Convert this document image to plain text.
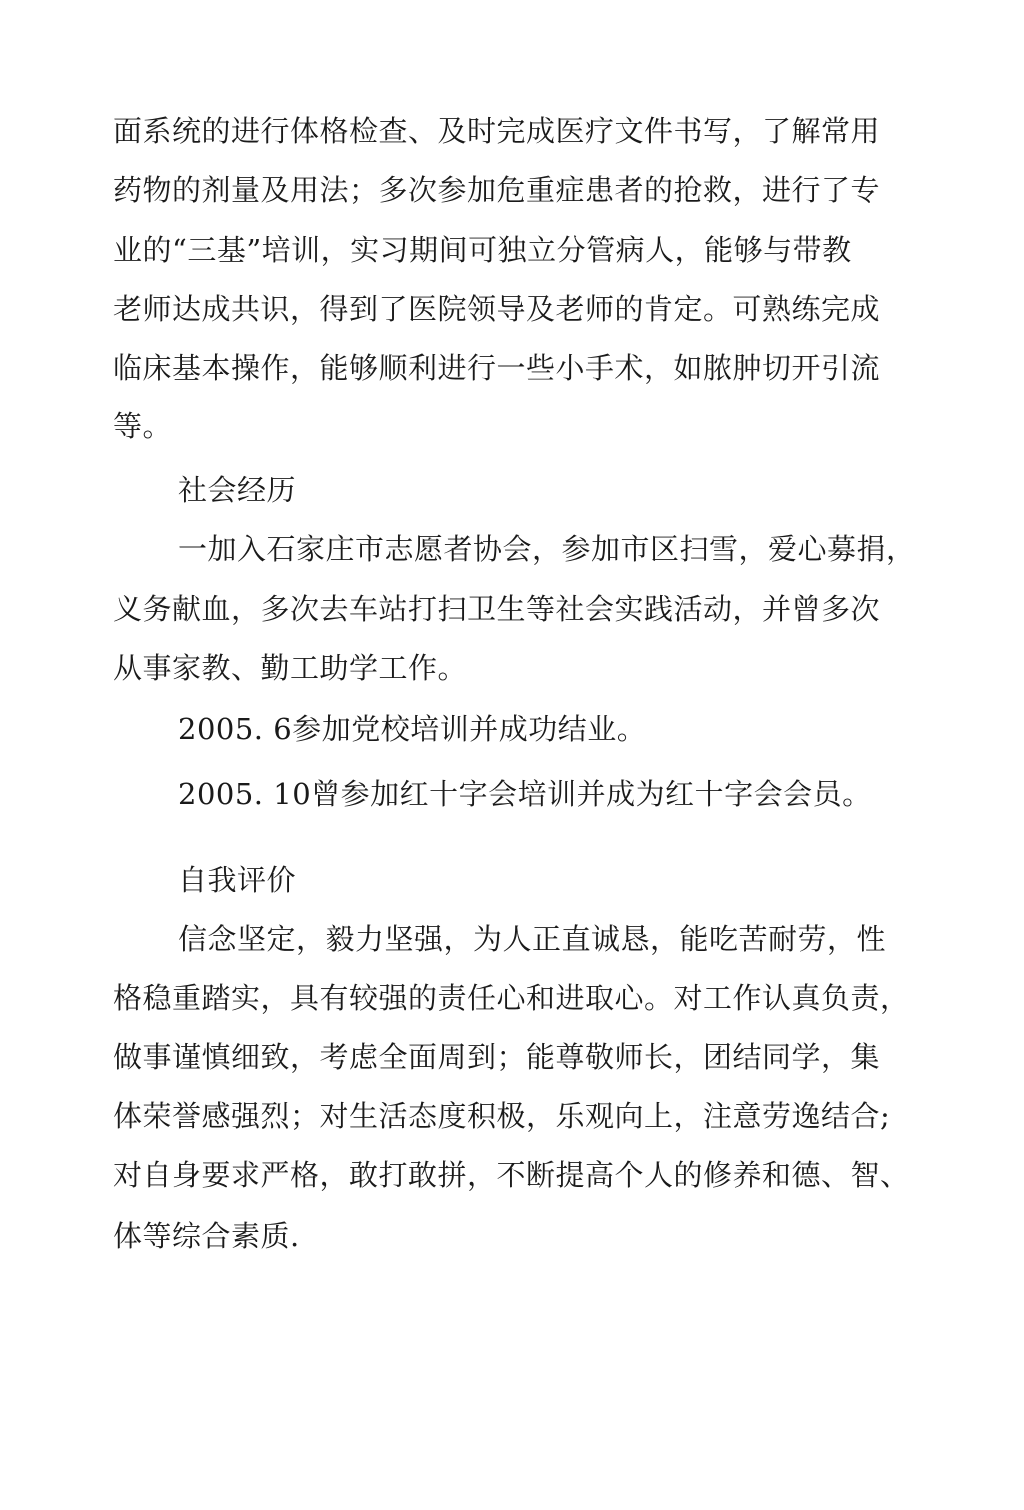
面系统的进行体格检查、及时完成医疗文件书写，了解常用
药物的剂量及用法；多次参加危重症患者的抢救，进行了专
业的“三基”培训，实习期间可独立分管病人，能够与带教
老师达成共识，得到了医院领导及老师的肯定。可熟练完成
临床基本操作，能够顺利进行一些小手术，如脓肿切开引流
等。
社会经历
一加入石家庄市志愿者协会，参加市区扫雪，爱心募捐，
义务献血，多次去车站打扫卫生等社会实践活动，并曾多次
从事家教、勤工助学工作。
2005. 6参加党校培训并成功结业。
2005. 10曾参加红十字会培训并成为红十字会会员。
自我评价
信念坚定，毅力坚强，为人正直诚恳，能吃苦耐劳，性
格稳重踏实，具有较强的责任心和进取心。对工作认真负责，
做事谨慎细致，考虑全面周到；能尊敬师长，团结同学，集
体荣誉感强烈；对生活态度积极，乐观向上，注意劳逸结合;
对自身要求严格，敢打敢拼，不断提高个人的修养和德、智、
体等综合素质.
